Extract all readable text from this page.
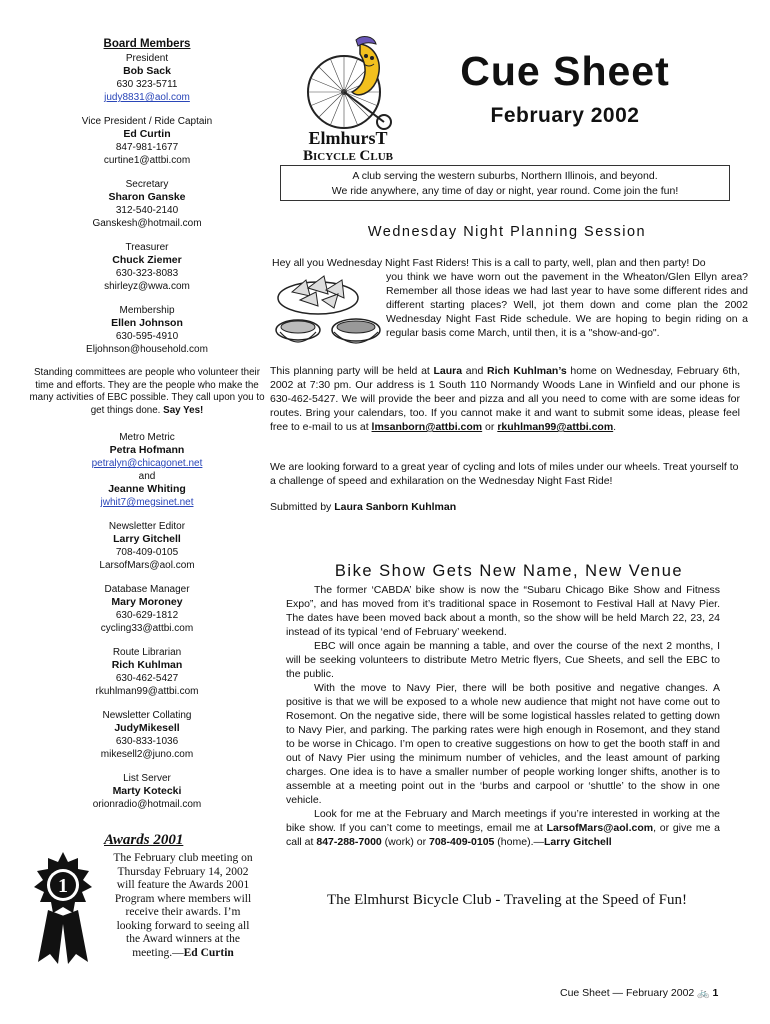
Board Members
President
Bob Sack
630 323-5711
judy8831@aol.com
Vice President / Ride Captain
Ed Curtin
847-981-1677
curtine1@attbi.com
Secretary
Sharon Ganske
312-540-2140
Ganskesh@hotmail.com
Treasurer
Chuck Ziemer
630-323-8083
shirleyz@wwa.com
Membership
Ellen Johnson
630-595-4910
Eljohnson@household.com
Standing committees are people who volunteer their time and efforts. They are the people who make the many activities of EBC possible. They call upon you to get things done. Say Yes!
Metro Metric
Petra Hofmann
petralyn@chicagonet.net
and
Jeanne Whiting
jwhit7@megsinet.net
Newsletter Editor
Larry Gitchell
708-409-0105
LarsofMars@aol.com
Database Manager
Mary Moroney
630-629-1812
cycling33@attbi.com
Route Librarian
Rich Kuhlman
630-462-5427
rkuhlman99@attbi.com
Newsletter Collating
JudyMikesell
630-833-1036
mikesell2@juno.com
List Server
Marty Kotecki
orionradio@hotmail.com
1
Awards 2001
The February club meeting on Thursday February 14, 2002 will feature the Awards 2001 Program where members will receive their awards. I’m looking forward to seeing all the Award winners at the meeting.—Ed Curtin
ElmhursT
Bicycle Club
Cue Sheet
February 2002
A club serving the western suburbs, Northern Illinois, and beyond.
We ride anywhere, any time of day or night, year round. Come join the fun!
Wednesday Night Planning Session
Hey all you Wednesday Night Fast Riders! This is a call to party, well, plan and then party! Do
you think we have worn out the pavement in the Wheaton/Glen Ellyn area? Remember all those ideas we had last year to have some different rides and different starting places? Well, jot them down and come plan the 2002 Wednesday Night Fast Ride schedule. We are hoping to begin riding on a regular basis come March, until then, it is a "show-and-go".
This planning party will be held at Laura and Rich Kuhlman’s home on Wednesday, February 6th, 2002 at 7:30 pm. Our address is 1 South 110 Normandy Woods Lane in Winfield and our phone is 630-462-5427. We will provide the beer and pizza and all you need to come with are some ideas for routes. Bring your calendars, too. If you cannot make it and want to submit some ideas, please feel free to e-mail to us at lmsanborn@attbi.com or rkuhlman99@attbi.com.
We are looking forward to a great year of cycling and lots of miles under our wheels. Treat yourself to a challenge of speed and exhilaration on the Wednesday Night Fast Ride!
Submitted by Laura Sanborn Kuhlman
Bike Show Gets New Name, New Venue
The former ‘CABDA’ bike show is now the “Subaru Chicago Bike Show and Fitness Expo”, and has moved from it’s traditional space in Rosemont to Festival Hall at Navy Pier. The dates have been moved back about a month, so the show will be held March 22, 23, 24 instead of its typical ‘end of February’ weekend.
EBC will once again be manning a table, and over the course of the next 2 months, I will be seeking volunteers to distribute Metro Metric flyers, Cue Sheets, and sell the EBC to the public.
With the move to Navy Pier, there will be both positive and negative changes. A positive is that we will be exposed to a whole new audience that might not have come out to Rosemont. On the negative side, there will be some logistical hassles related to getting down to Navy Pier, and parking. The parking rates were high enough in Rosemont, and they stand to be worse in Chicago. I’m open to creative suggestions on how to get the booth staff in and out of Navy Pier using the minimum number of vehicles, and the least amount of parking charges. One idea is to have a smaller number of people working longer shifts, another is to assemble at a meeting point out in the ‘burbs and carpool or ‘shuttle’ to the show in one vehicle.
Look for me at the February and March meetings if you’re interested in working at the bike show. If you can’t come to meetings, email me at LarsofMars@aol.com, or give me a call at 847-288-7000 (work) or 708-409-0105 (home).—Larry Gitchell
The Elmhurst Bicycle Club - Traveling at the Speed of Fun!
Cue Sheet — February 2002 🚲 1
